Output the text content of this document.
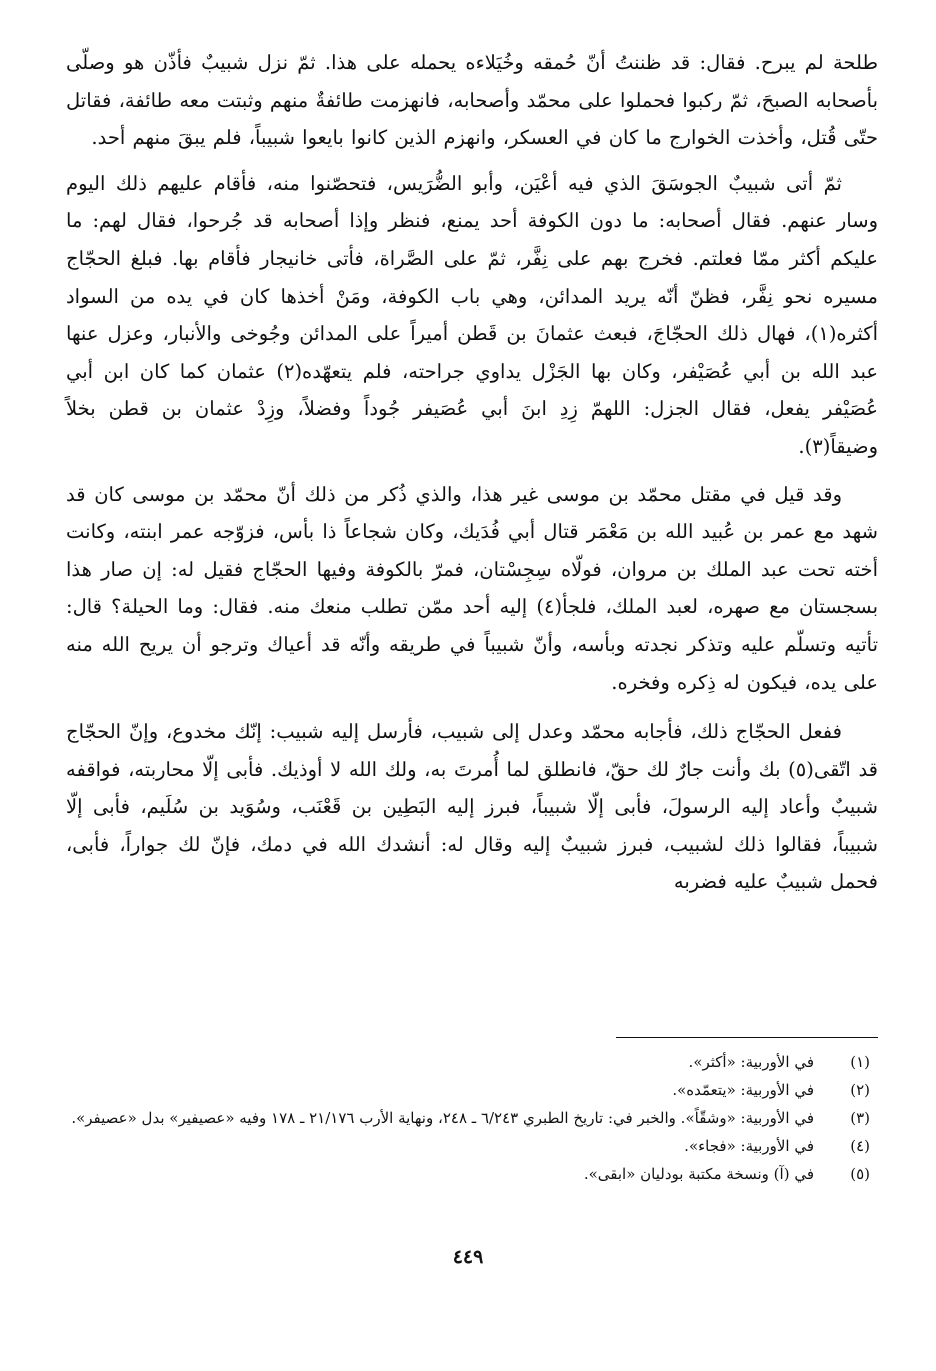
طلحة لم يبرح. فقال: قد ظننتُ أنّ حُمقه وخُيَلاءه يحمله على هذا. ثمّ نزل شبيبٌ فأذّن هو وصلّى بأصحابه الصبحَ، ثمّ ركبوا فحملوا على محمّد وأصحابه، فانهزمت طائفةٌ منهم وثبتت معه طائفة، فقاتل حتّى قُتل، وأخذت الخوارج ما كان في العسكر، وانهزم الذين كانوا بايعوا شبيباً، فلم يبقَ منهم أحد.

ثمّ أتى شبيبٌ الجوسَقَ الذي فيه أعْيَن، وأبو الضُّرَيس، فتحصّنوا منه، فأقام عليهم ذلك اليوم وسار عنهم. فقال أصحابه: ما دون الكوفة أحد يمنع، فنظر وإذا أصحابه قد جُرحوا، فقال لهم: ما عليكم أكثر ممّا فعلتم. فخرج بهم على نِفَّر، ثمّ على الصَّراة، فأتى خانيجار فأقام بها. فبلغ الحجّاج مسيره نحو نِفَّر، فظنّ أنّه يريد المدائن، وهي باب الكوفة، ومَنْ أخذها كان في يده من السواد أكثره(١)، فهال ذلك الحجّاجَ، فبعث عثمانَ بن قَطن أميراً على المدائن وجُوخى والأنبار، وعزل عنها عبد الله بن أبي عُصَيْفر، وكان بها الجَزْل يداوي جراحته، فلم يتعهّده(٢) عثمان كما كان ابن أبي عُصَيْفر يفعل، فقال الجزل: اللهمّ زِدِ ابنَ أبي عُصَيفر جُوداً وفضلاً، وزِدْ عثمان بن قطن بخلاً وضيقاً(٣).

وقد قيل في مقتل محمّد بن موسى غير هذا، والذي ذُكر من ذلك أنّ محمّد بن موسى كان قد شهد مع عمر بن عُبيد الله بن مَعْمَر قتال أبي فُدَيك، وكان شجاعاً ذا بأس، فزوّجه عمر ابنته، وكانت أخته تحت عبد الملك بن مروان، فولّاه سِجِسْتان، فمرّ بالكوفة وفيها الحجّاج فقيل له: إن صار هذا بسجستان مع صهره، لعبد الملك، فلجأ(٤) إليه أحد ممّن تطلب منعك منه. فقال: وما الحيلة؟ قال: تأتيه وتسلّم عليه وتذكر نجدته وبأسه، وأنّ شبيباً في طريقه وأنّه قد أعياك وترجو أن يريح الله منه على يده، فيكون له ذِكره وفخره.

ففعل الحجّاج ذلك، فأجابه محمّد وعدل إلى شبيب، فأرسل إليه شبيب: إنّك مخدوع، وإنّ الحجّاج قد اتّقى(٥) بك وأنت جارٌ لك حقّ، فانطلق لما أُمرتَ به، ولك الله لا أوذيك. فأبى إلّا محاربته، فواقفه شبيبٌ وأعاد إليه الرسولَ، فأبى إلّا شبيباً، فبرز إليه البَطِين بن قَعْنَب، وسُوَيد بن سُلَيم، فأبى إلّا شبيباً، فقالوا ذلك لشبيب، فبرز شبيبٌ إليه وقال له: أنشدك الله في دمك، فإنّ لك جواراً، فأبى، فحمل شبيبٌ عليه فضربه

(١)
في الأوربية: «أكثر».
(٢)
في الأوربية: «يتعمّده».
(٣)
في الأوربية: «وشقّاً». والخبر في: تاريخ الطبري ٦/٢٤٣ ـ ٢٤٨، ونهاية الأرب ٢١/١٧٦ ـ ١٧٨ وفيه «عصيفير» بدل «عصيفر».
(٤)
في الأوربية: «فجاء».
(٥)
في (آ) ونسخة مكتبة بودليان «ابقى».
٤٤٩
